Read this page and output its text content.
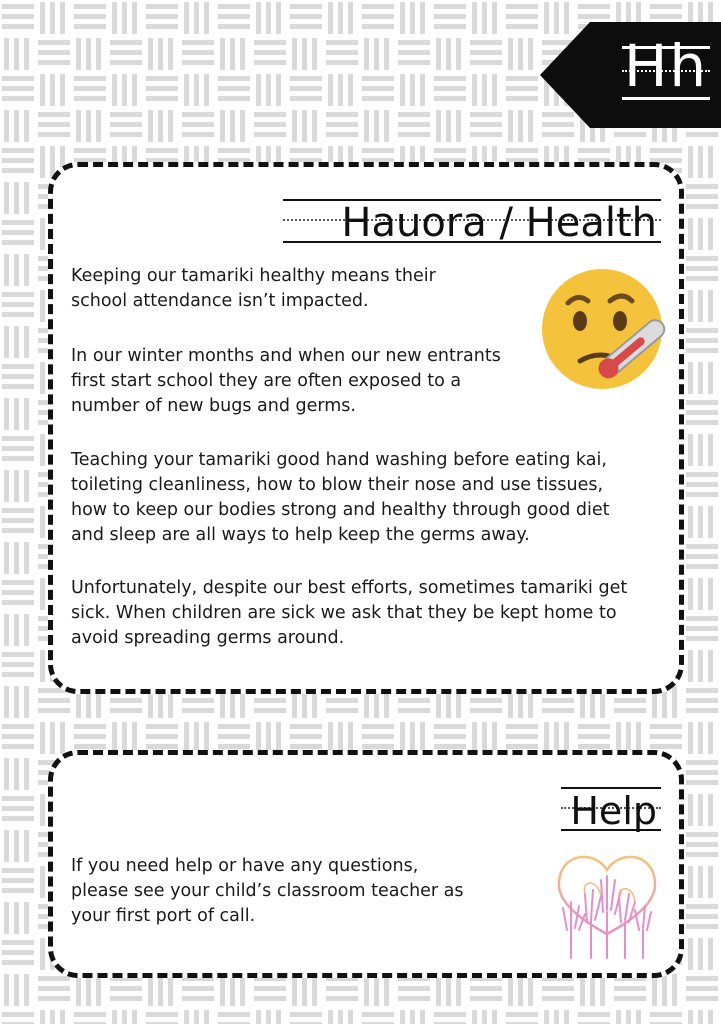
Hh
Hauora / Health

Keeping our tamariki healthy means their school attendance isn’t impacted.

In our winter months and when our new entrants first start school they are often exposed to a number of new bugs and germs.

Teaching your tamariki good hand washing before eating kai, toileting cleanliness, how to blow their nose and use tissues, how to keep our bodies strong and healthy through good diet and sleep are all ways to help keep the germs away.

Unfortunately, despite our best efforts, sometimes tamariki get sick. When children are sick we ask that they be kept home to avoid spreading germs around.

Help

If you need help or have any questions, please see your child’s classroom teacher as your first port of call.
